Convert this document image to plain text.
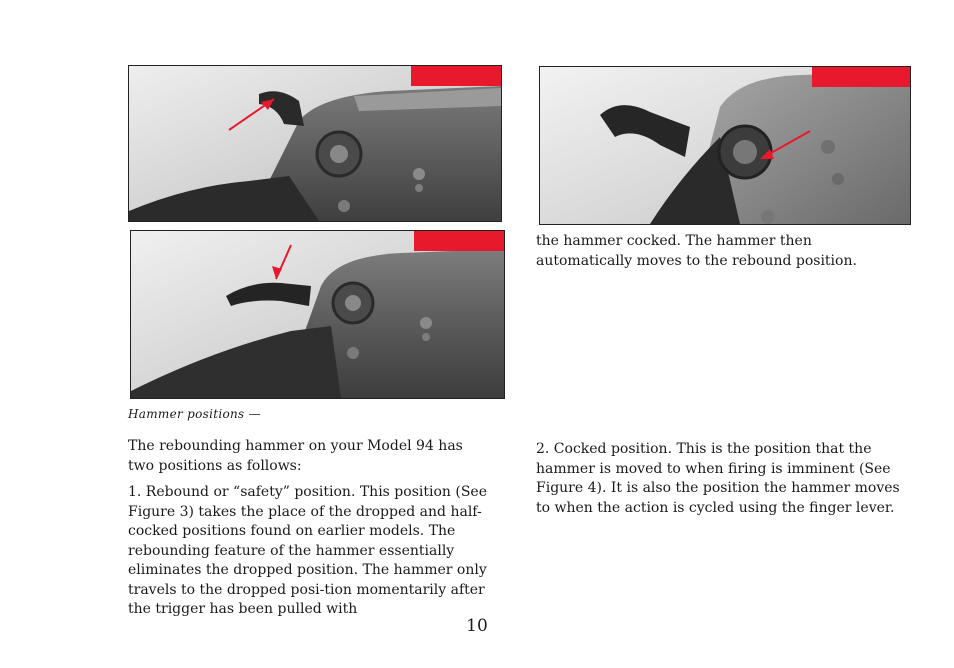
Hammer positions —

The rebounding hammer on your Model 94 has two positions as follows:

1. Rebound or “safety” position. This position (See Figure 3) takes the place of the dropped and half-cocked positions found on earlier models. The rebounding feature of the hammer essentially eliminates the dropped position. The hammer only travels to the dropped posi-tion momentarily after the trigger has been pulled with

the hammer cocked. The hammer then automatically moves to the rebound position.

2. Cocked position. This is the position that the hammer is moved to when firing is imminent (See Figure 4). It is also the position the hammer moves to when the action is cycled using the finger lever.

10
